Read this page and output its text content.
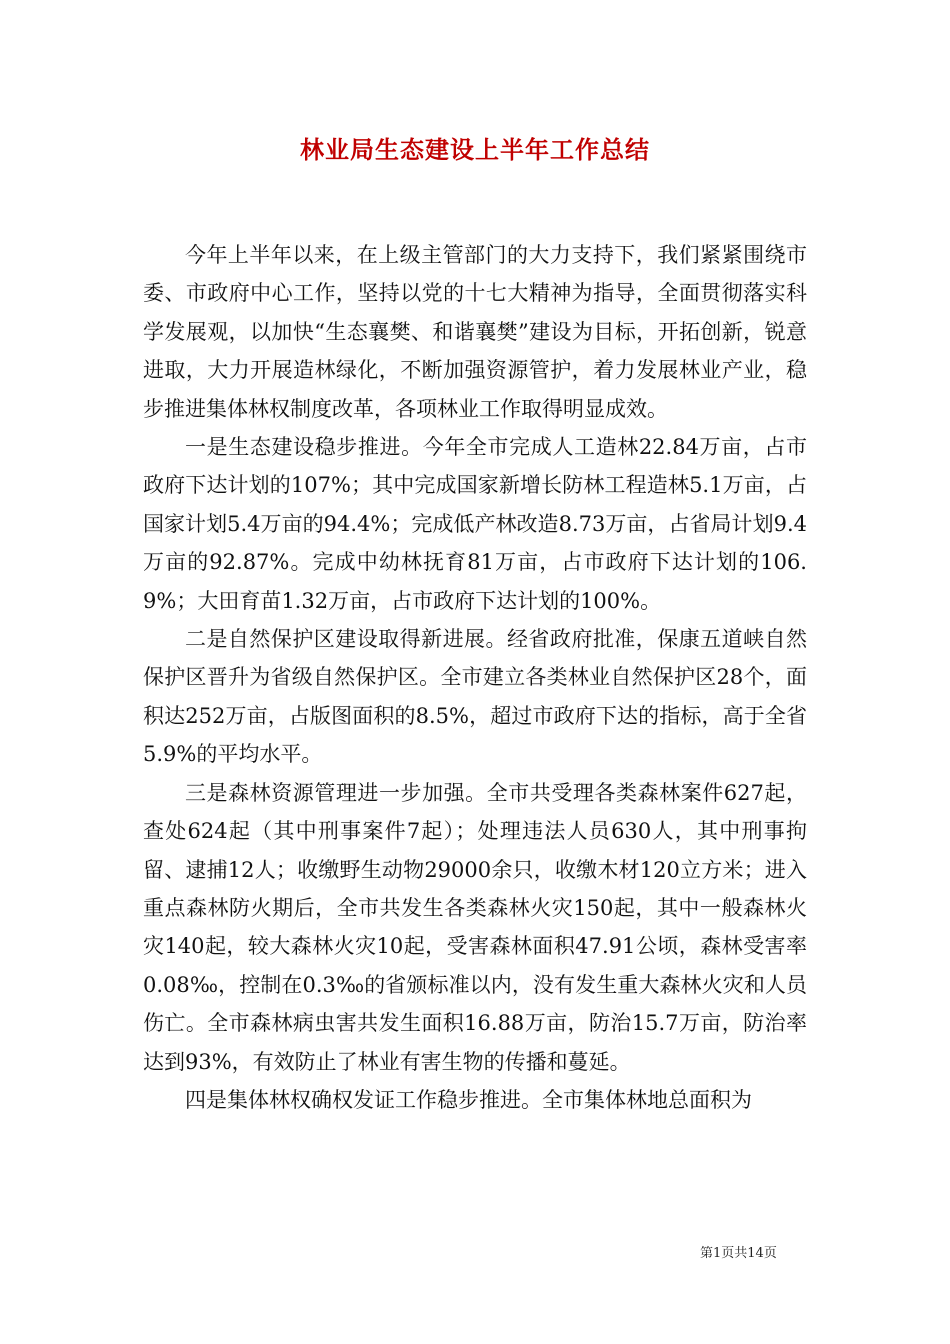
林业局生态建设上半年工作总结

今年上半年以来，在上级主管部门的大力支持下，我们紧紧围绕市委、市政府中心工作，坚持以党的十七大精神为指导，全面贯彻落实科学发展观，以加快“生态襄樊、和谐襄樊”建设为目标，开拓创新，锐意进取，大力开展造林绿化，不断加强资源管护，着力发展林业产业，稳步推进集体林权制度改革，各项林业工作取得明显成效。

一是生态建设稳步推进。今年全市完成人工造林22.84万亩，占市政府下达计划的107%；其中完成国家新增长防林工程造林5.1万亩，占国家计划5.4万亩的94.4%；完成低产林改造8.73万亩，占省局计划9.4万亩的92.87%。完成中幼林抚育81万亩，占市政府下达计划的106.9%；大田育苗1.32万亩，占市政府下达计划的100%。

二是自然保护区建设取得新进展。经省政府批准，保康五道峡自然保护区晋升为省级自然保护区。全市建立各类林业自然保护区28个，面积达252万亩，占版图面积的8.5%，超过市政府下达的指标，高于全省5.9%的平均水平。

三是森林资源管理进一步加强。全市共受理各类森林案件627起，查处624起（其中刑事案件7起）；处理违法人员630人，其中刑事拘留、逮捕12人；收缴野生动物29000余只，收缴木材120立方米；进入重点森林防火期后，全市共发生各类森林火灾150起，其中一般森林火灾140起，较大森林火灾10起，受害森林面积47.91公顷，森林受害率0.08‰，控制在0.3‰的省颁标准以内，没有发生重大森林火灾和人员伤亡。全市森林病虫害共发生面积16.88万亩，防治15.7万亩，防治率达到93%，有效防止了林业有害生物的传播和蔓延。

四是集体林权确权发证工作稳步推进。全市集体林地总面积为

第1页共14页
